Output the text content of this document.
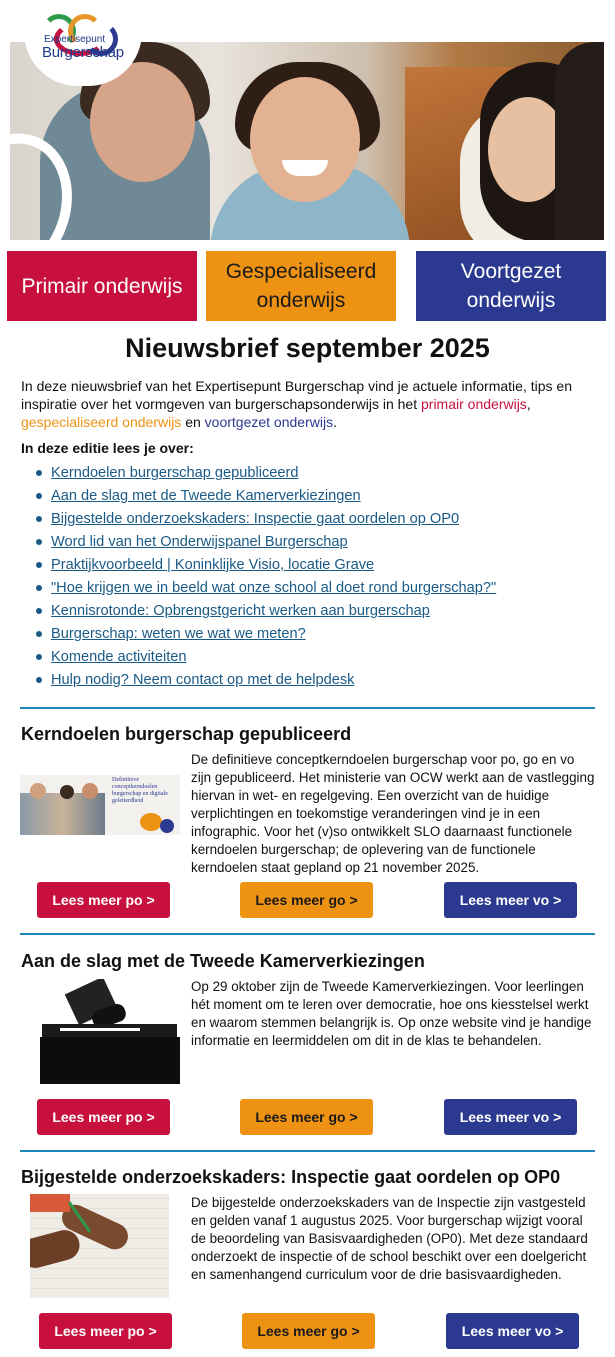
Expertisepunt
Burgerschap
Primair onderwijs
Gespecialiseerd onderwijs
Voortgezet onderwijs
Nieuwsbrief september 2025

In deze nieuwsbrief van het Expertisepunt Burgerschap vind je actuele informatie, tips en inspiratie over het vormgeven van burgerschapsonderwijs in het primair onderwijs,
gespecialiseerd onderwijs en voortgezet onderwijs.

In deze editie lees je over:
Kerndoelen burgerschap gepubliceerd
Aan de slag met de Tweede Kamerverkiezingen
Bijgestelde onderzoekskaders: Inspectie gaat oordelen op OP0
Word lid van het Onderwijspanel Burgerschap
Praktijkvoorbeeld | Koninklijke Visio, locatie Grave
"Hoe krijgen we in beeld wat onze school al doet rond burgerschap?"
Kennisrotonde: Opbrengstgericht werken aan burgerschap
Burgerschap: weten we wat we meten?
Komende activiteiten
Hulp nodig? Neem contact op met de helpdesk
Kerndoelen burgerschap gepubliceerd
Definitieve conceptkerndoelen burgerschap en digitale geletterdheid

De definitieve conceptkerndoelen burgerschap voor po, go en vo zijn gepubliceerd. Het ministerie van OCW werkt aan de vastlegging hiervan in wet- en regelgeving. Een overzicht van de huidige verplichtingen en toekomstige veranderingen vind je in een infographic. Voor het (v)so ontwikkelt SLO daarnaast functionele kerndoelen burgerschap; de oplevering van de functionele kerndoelen staat gepland op 21 november 2025.

Lees meer po >	Lees meer go >	Lees meer vo >
Aan de slag met de Tweede Kamerverkiezingen

Op 29 oktober zijn de Tweede Kamerverkiezingen. Voor leerlingen hét moment om te leren over democratie, hoe ons kiesstelsel werkt en waarom stemmen belangrijk is. Op onze website vind je handige informatie en leermiddelen om dit in de klas te behandelen.

Lees meer po >	Lees meer go >	Lees meer vo >
Bijgestelde onderzoekskaders: Inspectie gaat oordelen op OP0

De bijgestelde onderzoekskaders van de Inspectie zijn vastgesteld en gelden vanaf 1 augustus 2025. Voor burgerschap wijzigt vooral de beoordeling van Basisvaardigheden (OP0). Met deze standaard onderzoekt de inspectie of de school beschikt over een doelgericht en samenhangend curriculum voor de drie basisvaardigheden.

Lees meer po >	Lees meer go >	Lees meer vo >
